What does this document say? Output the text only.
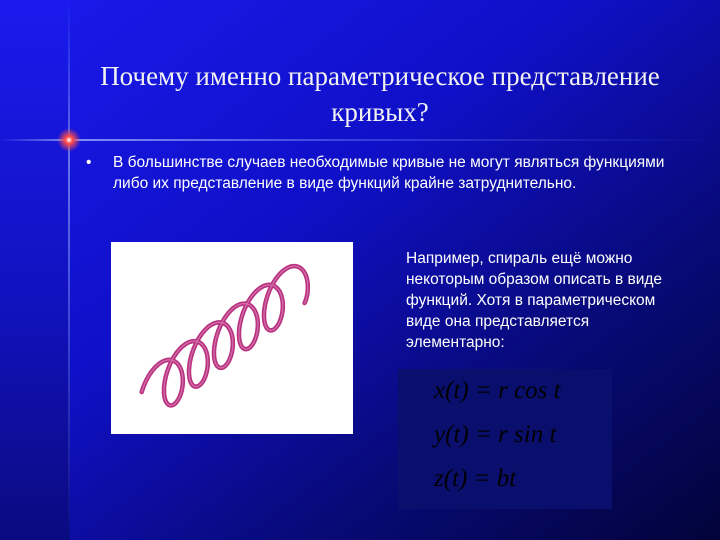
Почему именно параметрическое представление кривых?
• В большинстве случаев необходимые кривые не могут являться функциями либо их представление в виде функций крайне затруднительно.
Например, спираль ещё можно некоторым образом описать в виде функций. Хотя в параметрическом виде она представляется элементарно:
x(t) = r cos t
y(t) = r sin t
z(t) = bt
